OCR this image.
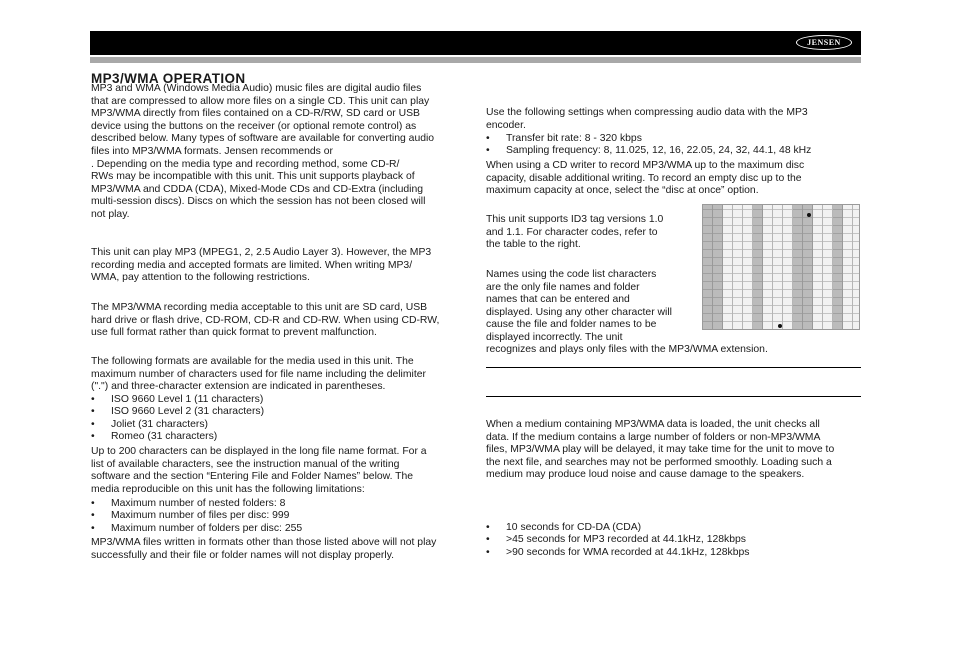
JENSEN
MP3/WMA OPERATION

MP3 and WMA (Windows Media Audio) music files are digital audio files
that are compressed to allow more files on a single CD. This unit can play
MP3/WMA directly from files contained on a CD-R/RW, SD card or USB
device using the buttons on the receiver (or optional remote control) as
described below. Many types of software are available for converting audio
files into MP3/WMA formats. Jensen recommends or
. Depending on the media type and recording method, some CD-R/
RWs may be incompatible with this unit. This unit supports playback of
MP3/WMA and CDDA (CDA), Mixed-Mode CDs and CD-Extra (including
multi-session discs). Discs on which the session has not been closed will
not play.

This unit can play MP3 (MPEG1, 2, 2.5 Audio Layer 3). However, the MP3
recording media and accepted formats are limited. When writing MP3/
WMA, pay attention to the following restrictions.

The MP3/WMA recording media acceptable to this unit are SD card, USB
hard drive or flash drive, CD-ROM, CD-R and CD-RW. When using CD-RW,
use full format rather than quick format to prevent malfunction.

The following formats are available for the media used in this unit. The
maximum number of characters used for file name including the delimiter
(".") and three-character extension are indicated in parentheses.

• ISO 9660 Level 1 (11 characters)
• ISO 9660 Level 2 (31 characters)
• Joliet (31 characters)
• Romeo (31 characters)

Up to 200 characters can be displayed in the long file name format. For a
list of available characters, see the instruction manual of the writing
software and the section “Entering File and Folder Names” below. The
media reproducible on this unit has the following limitations:

• Maximum number of nested folders: 8
• Maximum number of files per disc: 999
• Maximum number of folders per disc: 255

MP3/WMA files written in formats other than those listed above will not play
successfully and their file or folder names will not display properly.

Use the following settings when compressing audio data with the MP3
encoder.

• Transfer bit rate: 8 - 320 kbps
• Sampling frequency: 8, 11.025, 12, 16, 22.05, 24, 32, 44.1, 48 kHz

When using a CD writer to record MP3/WMA up to the maximum disc
capacity, disable additional writing. To record an empty disc up to the
maximum capacity at once, select the “disc at once” option.

This unit supports ID3 tag versions 1.0
and 1.1. For character codes, refer to
the table to the right.

Names using the code list characters
are the only file names and folder
names that can be entered and
displayed. Using any other character will
cause the file and folder names to be
displayed incorrectly. The unit

recognizes and plays only files with the MP3/WMA extension.

When a medium containing MP3/WMA data is loaded, the unit checks all
data. If the medium contains a large number of folders or non-MP3/WMA
files, MP3/WMA play will be delayed, it may take time for the unit to move to
the next file, and searches may not be performed smoothly. Loading such a
medium may produce loud noise and cause damage to the speakers.

• 10 seconds for CD-DA (CDA)
• >45 seconds for MP3 recorded at 44.1kHz, 128kbps
• >90 seconds for WMA recorded at 44.1kHz, 128kbps
